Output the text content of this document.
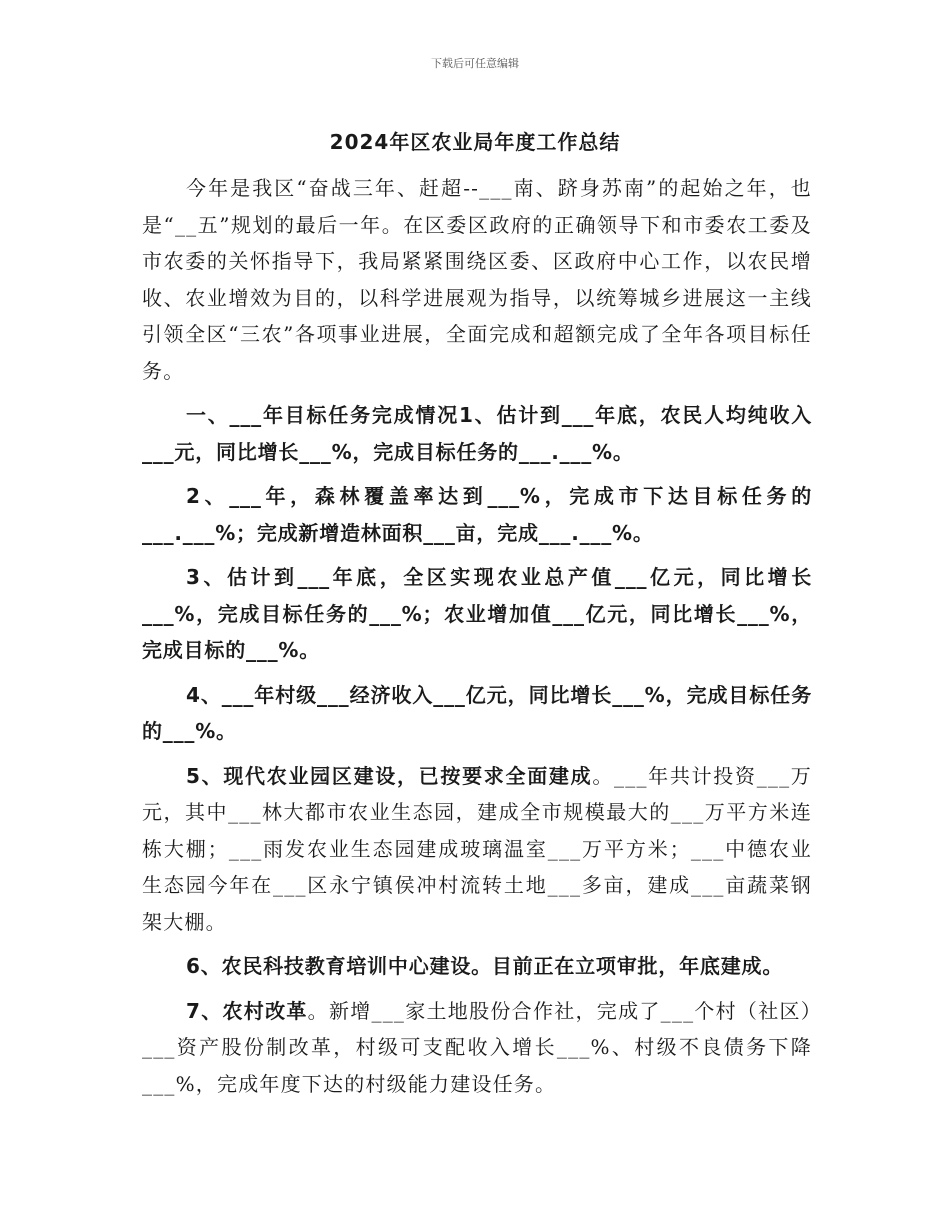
下载后可任意编辑
2024年区农业局年度工作总结

今年是我区“奋战三年、赶超--___南、跻身苏南”的起始之年，也是“__五”规划的最后一年。在区委区政府的正确领导下和市委农工委及市农委的关怀指导下，我局紧紧围绕区委、区政府中心工作，以农民增收、农业增效为目的，以科学进展观为指导，以统筹城乡进展这一主线引领全区“三农”各项事业进展，全面完成和超额完成了全年各项目标任务。

一、___年目标任务完成情况1、估计到___年底，农民人均纯收入___元，同比增长___%，完成目标任务的___.___%。

2、___年，森林覆盖率达到___%，完成市下达目标任务的___.___%；完成新增造林面积___亩，完成___.___%。

3、估计到___年底，全区实现农业总产值___亿元，同比增长___%，完成目标任务的___%；农业增加值___亿元，同比增长___%，完成目标的___%。

4、___年村级___经济收入___亿元，同比增长___%，完成目标任务的___%。

5、现代农业园区建设，已按要求全面建成。___年共计投资___万元，其中___林大都市农业生态园，建成全市规模最大的___万平方米连栋大棚；___雨发农业生态园建成玻璃温室___万平方米；___中德农业生态园今年在___区永宁镇侯冲村流转土地___多亩，建成___亩蔬菜钢架大棚。

6、农民科技教育培训中心建设。目前正在立项审批，年底建成。

7、农村改革。新增___家土地股份合作社，完成了___个村（社区）___资产股份制改革，村级可支配收入增长___%、村级不良债务下降___%，完成年度下达的村级能力建设任务。
